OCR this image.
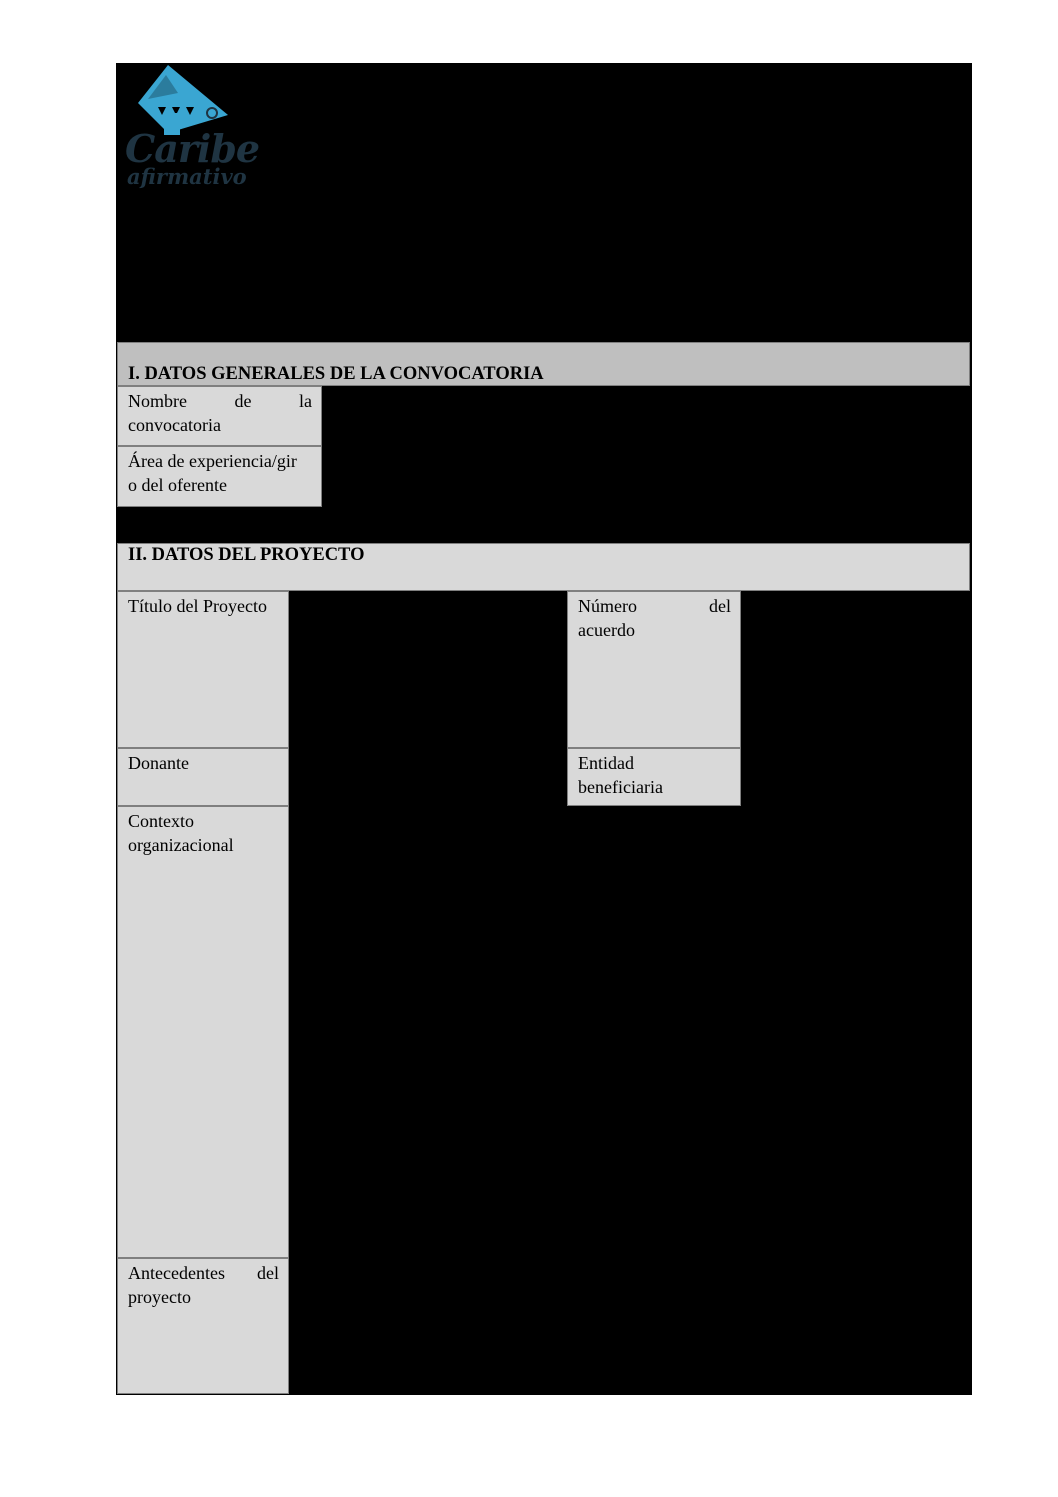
Caribe
afirmativo
I. DATOS GENERALES DE LA CONVOCATORIA
Nombre de la
convocatoria
Área de experiencia/gir
o del oferente
II. DATOS DEL PROYECTO
Título del Proyecto	Número del
acuerdo
Donante	Entidad
beneficiaria
Contexto
organizacional
Antecedentes del
proyecto
